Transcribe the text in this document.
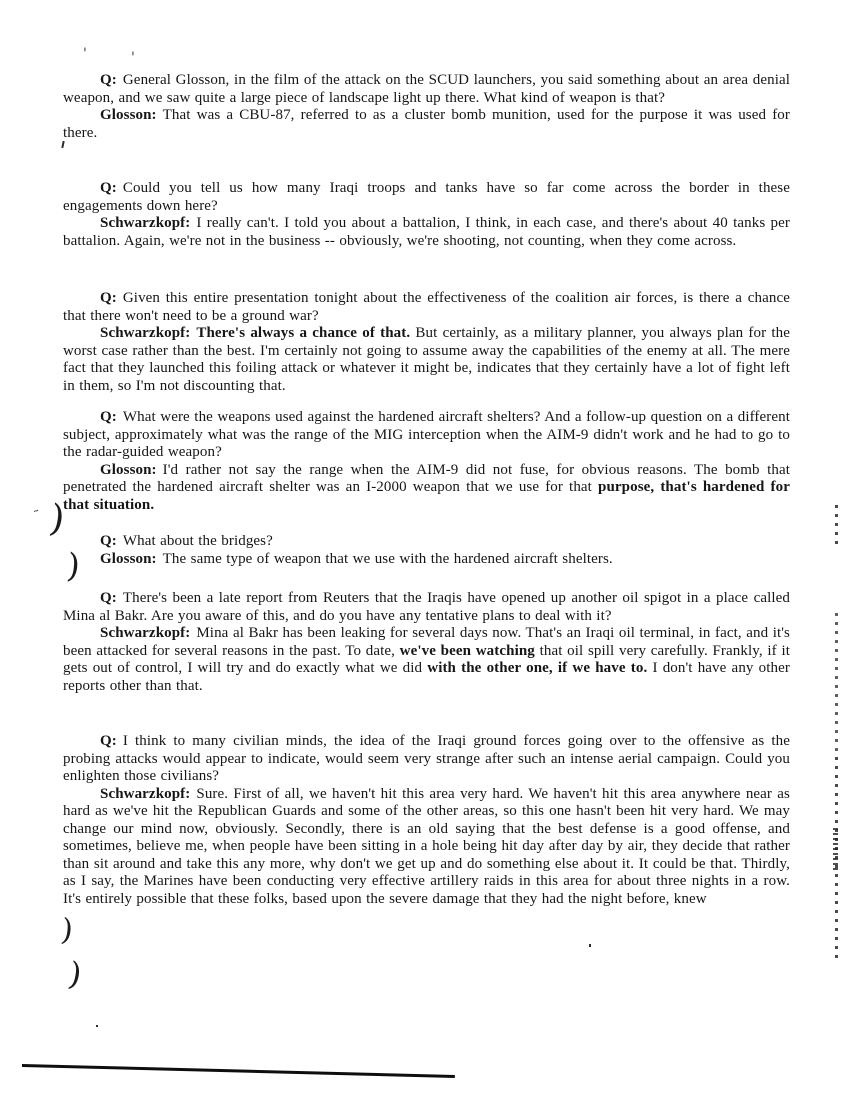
'	'

Q: General Glosson, in the film of the attack on the SCUD launchers, you said something about an area denial weapon, and we saw quite a large piece of landscape light up there. What kind of weapon is that?

Glosson: That was a CBU-87, referred to as a cluster bomb munition, used for the purpose it was used for there.

Q: Could you tell us how many Iraqi troops and tanks have so far come across the border in these engagements down here?

Schwarzkopf: I really can't. I told you about a battalion, I think, in each case, and there's about 40 tanks per battalion. Again, we're not in the business -- obviously, we're shooting, not counting, when they come across.

Q: Given this entire presentation tonight about the effectiveness of the coalition air forces, is there a chance that there won't need to be a ground war?

Schwarzkopf: There's always a chance of that. But certainly, as a military planner, you always plan for the worst case rather than the best. I'm certainly not going to assume away the capabilities of the enemy at all. The mere fact that they launched this foiling attack or whatever it might be, indicates that they certainly have a lot of fight left in them, so I'm not discounting that.

Q: What were the weapons used against the hardened aircraft shelters? And a follow-up question on a different subject, approximately what was the range of the MIG interception when the AIM-9 didn't work and he had to go to the radar-guided weapon?

Glosson: I'd rather not say the range when the AIM-9 did not fuse, for obvious reasons. The bomb that penetrated the hardened aircraft shelter was an I-2000 weapon that we use for that purpose, that's hardened for that situation.

Q: What about the bridges?

Glosson: The same type of weapon that we use with the hardened aircraft shelters.

Q: There's been a late report from Reuters that the Iraqis have opened up another oil spigot in a place called Mina al Bakr. Are you aware of this, and do you have any tentative plans to deal with it?

Schwarzkopf: Mina al Bakr has been leaking for several days now. That's an Iraqi oil terminal, in fact, and it's been attacked for several reasons in the past. To date, we've been watching that oil spill very carefully. Frankly, if it gets out of control, I will try and do exactly what we did with the other one, if we have to. I don't have any other reports other than that.

Q: I think to many civilian minds, the idea of the Iraqi ground forces going over to the offensive as the probing attacks would appear to indicate, would seem very strange after such an intense aerial campaign. Could you enlighten those civilians?

Schwarzkopf: Sure. First of all, we haven't hit this area very hard. We haven't hit this area anywhere near as hard as we've hit the Republican Guards and some of the other areas, so this one hasn't been hit very hard. We may change our mind now, obviously. Secondly, there is an old saying that the best defense is a good offense, and sometimes, believe me, when people have been sitting in a hole being hit day after day by air, they decide that rather than sit around and take this any more, why don't we get up and do something else about it. It could be that. Thirdly, as I say, the Marines have been conducting very effective artillery raids in this area for about three nights in a row. It's entirely possible that these folks, based upon the severe damage that they had the night before, knew

··· )
)
)
)
